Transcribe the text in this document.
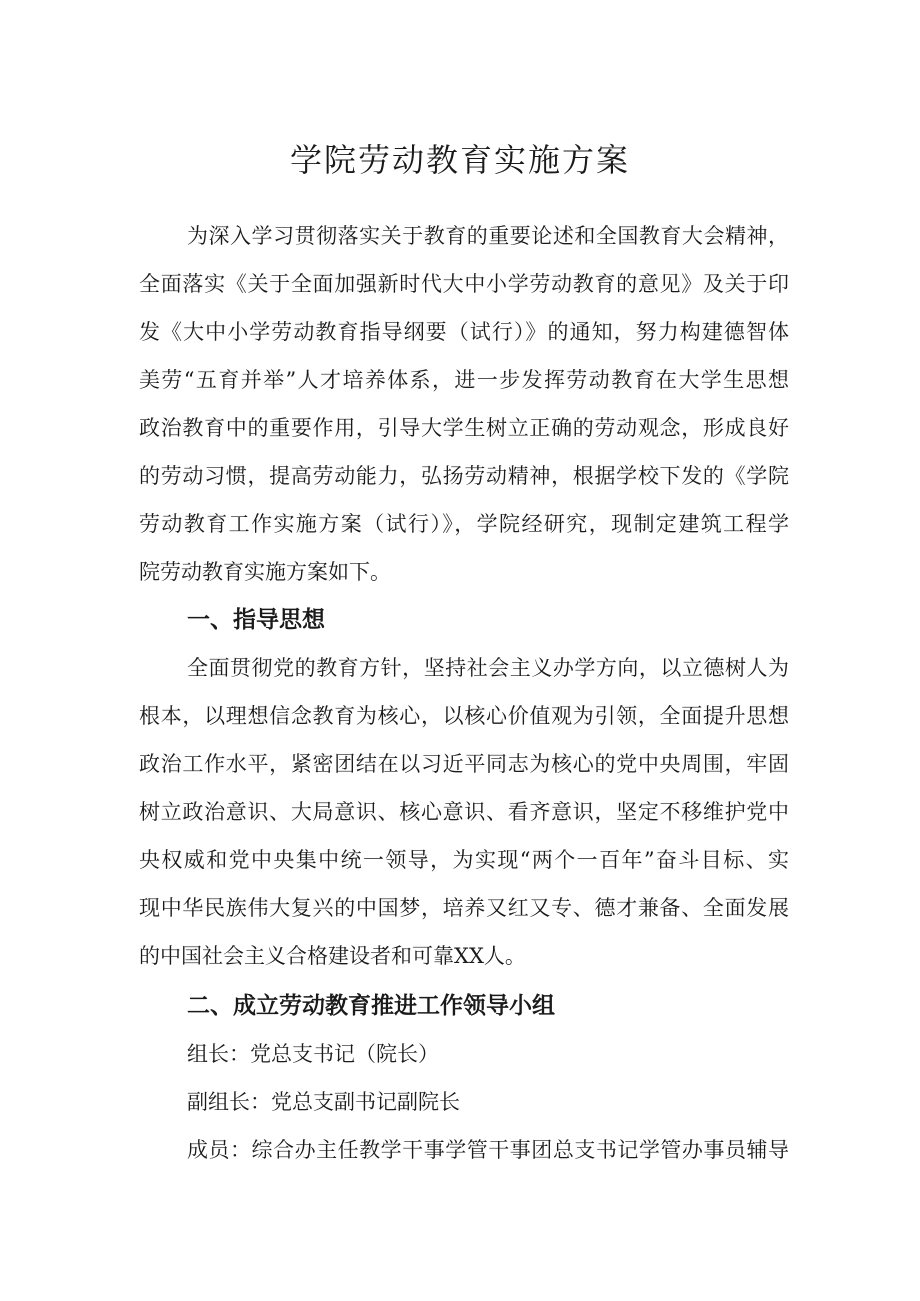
学院劳动教育实施方案
为深入学习贯彻落实关于教育的重要论述和全国教育大会精神，
全面落实《关于全面加强新时代大中小学劳动教育的意见》及关于印
发《大中小学劳动教育指导纲要（试行）》的通知，努力构建德智体
美劳“五育并举”人才培养体系，进一步发挥劳动教育在大学生思想
政治教育中的重要作用，引导大学生树立正确的劳动观念，形成良好
的劳动习惯，提高劳动能力，弘扬劳动精神，根据学校下发的《学院
劳动教育工作实施方案（试行）》，学院经研究，现制定建筑工程学
院劳动教育实施方案如下。
一、指导思想
全面贯彻党的教育方针，坚持社会主义办学方向，以立德树人为
根本，以理想信念教育为核心，以核心价值观为引领，全面提升思想
政治工作水平，紧密团结在以习近平同志为核心的党中央周围，牢固
树立政治意识、大局意识、核心意识、看齐意识，坚定不移维护党中
央权威和党中央集中统一领导，为实现“两个一百年”奋斗目标、实
现中华民族伟大复兴的中国梦，培养又红又专、德才兼备、全面发展
的中国社会主义合格建设者和可靠XX人。
二、成立劳动教育推进工作领导小组
组长：党总支书记（院长）
副组长：党总支副书记副院长
成员：综合办主任教学干事学管干事团总支书记学管办事员辅导
